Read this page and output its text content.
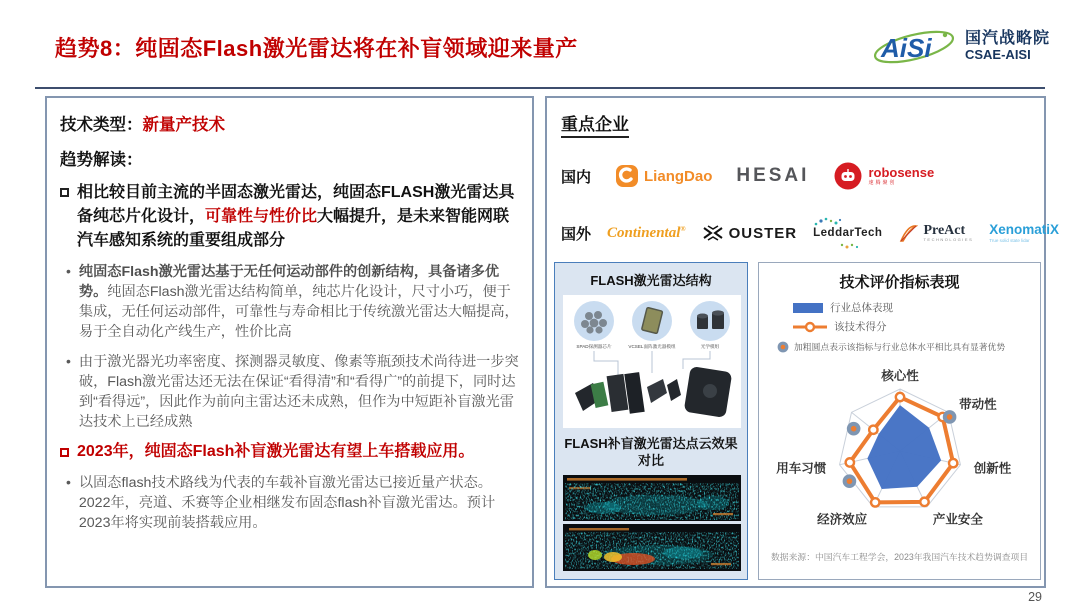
趋势8：纯固态Flash激光雷达将在补盲领域迎来量产	AiSi 国汽战略院
CSAE-AISI
技术类型：新量产技术
趋势解读：

相比较目前主流的半固态激光雷达，纯固态FLASH激光雷达具备纯芯片化设计，可靠性与性价比大幅提升，是未来智能网联汽车感知系统的重要组成部分

• 纯固态Flash激光雷达基于无任何运动部件的创新结构，具备诸多优势。纯固态Flash激光雷达结构简单，纯芯片化设计，尺寸小巧，便于集成，无任何运动部件，可靠性与寿命相比于传统激光雷达大幅提高，易于全自动化产线生产，性价比高

• 由于激光器光功率密度、探测器灵敏度、像素等瓶颈技术尚待进一步突破，Flash激光雷达还无法在保证“看得清”和“看得广”的前提下，同时达到“看得远”，因此作为前向主雷达还未成熟，但作为中短距补盲激光雷达技术上已经成熟

2023年，纯固态Flash补盲激光雷达有望上车搭载应用。

• 以固态flash技术路线为代表的车载补盲激光雷达已接近量产状态。2022年，亮道、禾赛等企业相继发布固态flash补盲激光雷达。预计2023年将实现前装搭载应用。

重点企业
国内	LiangDao HESAI	robosense
速腾聚创
国外 Continental®	OUSTER LeddarTech	PreAct
TECHNOLOGIES
XenomatiX
True solid state lidar
FLASH激光雷达结构
SPAD探测器芯片	VCSEL面阵激光器模组	光学模组
FLASH补盲激光雷达点云效果对比
技术评价指标表现
行业总体表现
该技术得分
加粗圆点表示该指标与行业总体水平相比具有显著优势
核心性
带动性
创新性
产业安全
经济效应
用车习惯
数据来源：中国汽车工程学会，2023年我国汽车技术趋势调查项目
29
